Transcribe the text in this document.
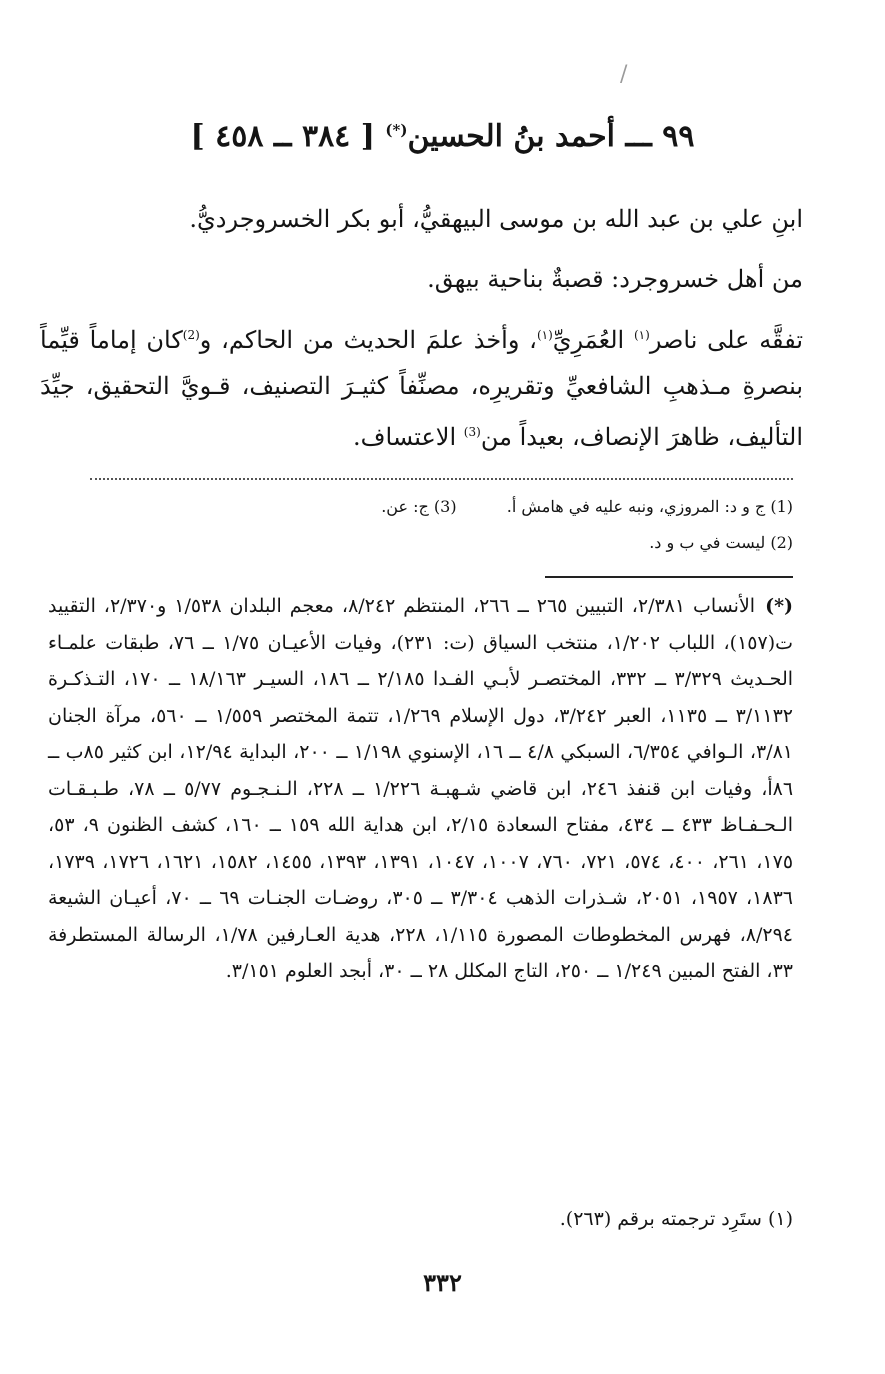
/
٩٩ ـــ أحمد بنُ الحسين(*) [ ٣٨٤ ــ ٤٥٨ ]
ابنِ علي بن عبد الله بن موسى البيهقيُّ، أبو بكر الخسروجرديُّ.
من أهل خسروجرد: قصبةٌ بناحية بيهق.
تفقَّه على ناصر$^{(١)}$ العُمَرِيِّ$^{(١)}$، وأخذ علمَ الحديث من الحاكم، و$^{(2)}$كان إماماً قيِّماً بنصرةِ مـذهبِ الشافعيِّ وتقريرِه، مصنِّفاً كثيـرَ التصنيف، قـويَّ التحقيق، جيِّدَ التأليف، ظاهرَ الإنصاف، بعيداً من$^{(3)}$ الاعتساف.
(1) ج و د: المروزي، ونبه عليه في هامش أ.  (3) ج: عن.
(2) ليست في ب و د.
(*)الأنساب ٢/٣٨١، التبيين ٢٦٥ ــ ٢٦٦، المنتظم ٨/٢٤٢، معجم البلدان ١/٥٣٨ و٢/٣٧٠، التقييد ت(١٥٧)، اللباب ١/٢٠٢، منتخب السياق (ت: ٢٣١)، وفيات الأعيـان ١/٧٥ ــ ٧٦، طبقات علمـاء الحـديث ٣/٣٢٩ ــ ٣٣٢، المختصـر لأبـي الفـدا ٢/١٨٥ ــ ١٨٦، السيـر ١٨/١٦٣ ــ ١٧٠، التـذكـرة ٣/١١٣٢ ــ ١١٣٥، العبر ٣/٢٤٢، دول الإسلام ١/٢٦٩، تتمة المختصر ١/٥٥٩ ــ ٥٦٠، مرآة الجنان ٣/٨١، الـوافي ٦/٣٥٤، السبكي ٤/٨ ــ ١٦، الإسنوي ١/١٩٨ ــ ٢٠٠، البداية ١٢/٩٤، ابن كثير ٨٥ب ــ ٨٦أ، وفيات ابن قنفذ ٢٤٦، ابن قاضي شـهبـة ١/٢٢٦ ــ ٢٢٨، الـنـجـوم ٥/٧٧ ــ ٧٨، طـبـقـات الـحـفـاظ ٤٣٣ ــ ٤٣٤، مفتاح السعادة ٢/١٥، ابن هداية الله ١٥٩ ــ ١٦٠، كشف الظنون ٩، ٥٣، ١٧٥، ٢٦١، ٤٠٠، ٥٧٤، ٧٢١، ٧٦٠، ١٠٠٧، ١٠٤٧، ١٣٩١، ١٣٩٣، ١٤٥٥، ١٥٨٢، ١٦٢١، ١٧٢٦، ١٧٣٩، ١٨٣٦، ١٩٥٧، ٢٠٥١، شـذرات الذهب ٣/٣٠٤ ــ ٣٠٥، روضـات الجنـات ٦٩ ــ ٧٠، أعيـان الشيعة ٨/٢٩٤، فهرس المخطوطات المصورة ١/١١٥، ٢٢٨، هدية العـارفين ١/٧٨، الرسالة المستطرفة ٣٣، الفتح المبين ١/٢٤٩ ــ ٢٥٠، التاج المكلل ٢٨ ــ ٣٠، أبجد العلوم ٣/١٥١.
(١) ستَرِد ترجمته برقم (٢٦٣).
٣٣٢
